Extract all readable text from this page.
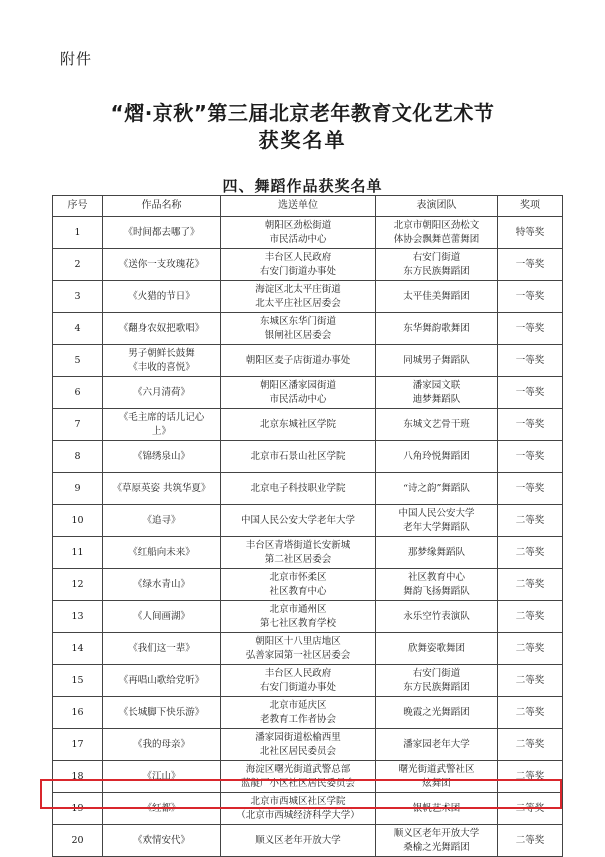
附件
“熠·京秋”第三届北京老年教育文化艺术节
获奖名单
四、舞蹈作品获奖名单
序号	作品名称	选送单位	表演团队	奖项
1	《时间都去哪了》	朝阳区劲松街道
市民活动中心	北京市朝阳区劲松文
体协会飘舞芭蕾舞团	特等奖
2	《送你一支玫瑰花》	丰台区人民政府
右安门街道办事处	右安门街道
东方民族舞蹈团	一等奖
3	《火猎的节日》	海淀区北太平庄街道
北太平庄社区居委会	太平佳美舞蹈团	一等奖
4	《翻身农奴把歌唱》	东城区东华门街道
银闸社区居委会	东华舞韵歌舞团	一等奖
5	男子朝鲜长鼓舞
《丰收的喜悦》	朝阳区麦子店街道办事处	同城男子舞蹈队	一等奖
6	《六月清荷》	朝阳区潘家园街道
市民活动中心	潘家园文联
迪梦舞蹈队	一等奖
7	《毛主席的话儿记心
上》	北京东城社区学院	东城文艺骨干班	一等奖
8	《锦绣泉山》	北京市石景山社区学院	八角玲悦舞蹈团	一等奖
9	《草原英姿 共筑华夏》	北京电子科技职业学院	“诗之韵”舞蹈队	一等奖
10	《追寻》	中国人民公安大学老年大学	中国人民公安大学
老年大学舞蹈队	二等奖
11	《红船向未来》	丰台区青塔街道长安新城
第二社区居委会	那梦缘舞蹈队	二等奖
12	《绿水青山》	北京市怀柔区
社区教育中心	社区教育中心
舞韵飞扬舞蹈队	二等奖
13	《人间画湖》	北京市通州区
第七社区教育学校	永乐空竹表演队	二等奖
14	《我们这一辈》	朝阳区十八里店地区
弘善家园第一社区居委会	欣舞姿歌舞团	二等奖
15	《再唱山歌给党听》	丰台区人民政府
右安门街道办事处	右安门街道
东方民族舞蹈团	二等奖
16	《长城脚下快乐游》	北京市延庆区
老教育工作者协会	晚霞之光舞蹈团	二等奖
17	《我的母亲》	潘家园街道松榆西里
北社区居民委员会	潘家园老年大学	二等奖
18	《江山》	海淀区曙光街道武警总部
蓝靛厂小区社区居民委员会	曙光街道武警社区
炫舞团	二等奖
19	《红都》	北京市西城区社区学院
（北京市西城经济科学大学）	银帆艺术团	二等奖
20	《欢情安代》	顺义区老年开放大学	顺义区老年开放大学
桑榆之光舞蹈团	二等奖
